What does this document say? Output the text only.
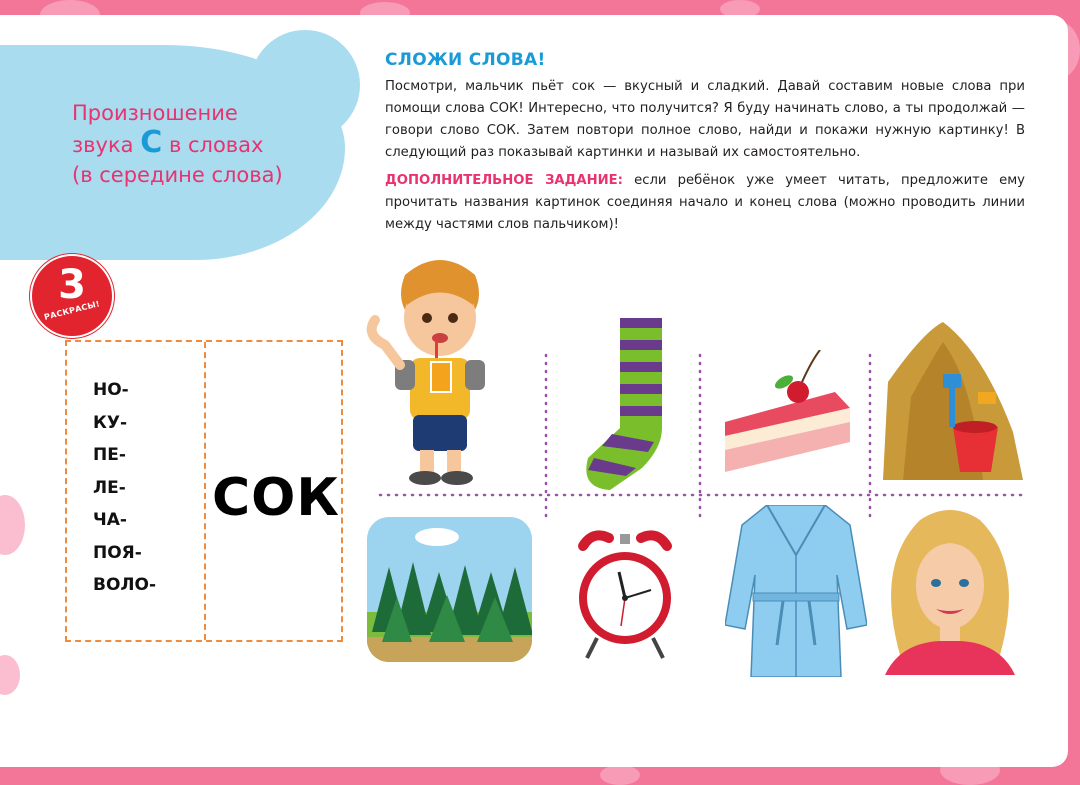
Произношение
звука С в словах
(в середине слова)
3
РАСКРАСЫ!
СЛОЖИ СЛОВА!
Посмотри, мальчик пьёт сок — вкусный и сладкий. Давай составим новые слова при помощи слова СОК! Интересно, что получится? Я буду начинать слово, а ты продолжай — говори слово СОК. Затем повтори полное слово, найди и покажи нужную картинку! В следующий раз показывай картинки и называй их самостоятельно.
ДОПОЛНИТЕЛЬНОЕ ЗАДАНИЕ: если ребёнок уже умеет читать, предложите ему прочитать названия картинок соединяя начало и конец слова (можно проводить линии между частями слов пальчиком)!
НО-
КУ-
ПЕ-
ЛЕ-
ЧА-
ПОЯ-
ВОЛО-
СОК
18
